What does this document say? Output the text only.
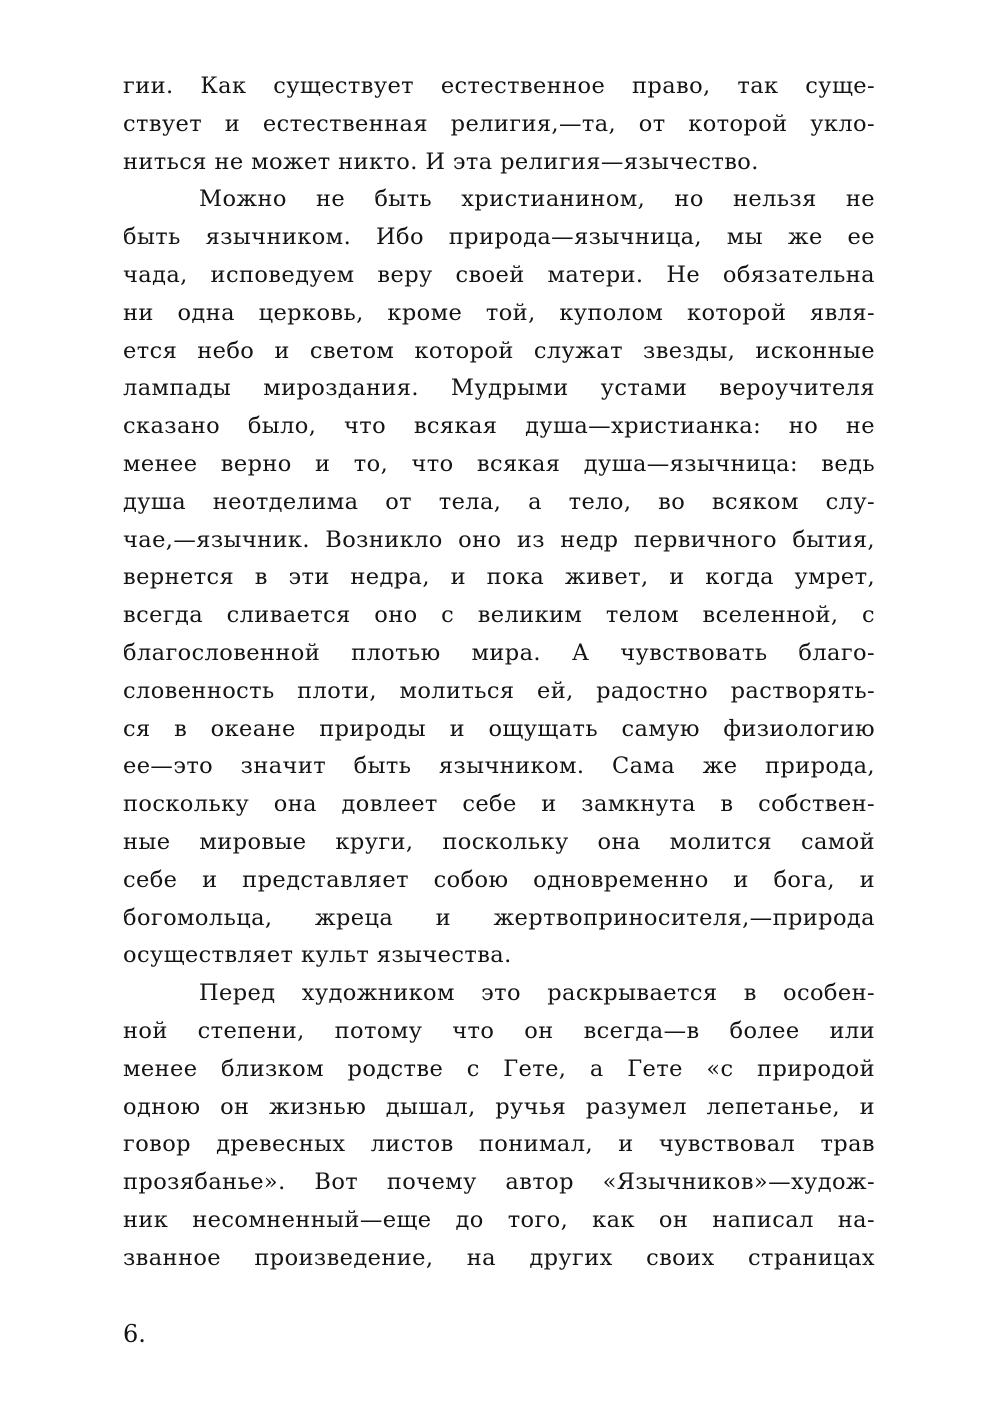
гии. Как существует естественное право, так суще-
ствует и естественная религия,—та, от которой укло-
ниться не может никто. И эта религия—язычество.
Можно не быть христианином, но нельзя не
быть язычником. Ибо природа—язычница, мы же ее
чада, исповедуем веру своей матери. Не обязательна
ни одна церковь, кроме той, куполом которой явля-
ется небо и светом которой служат звезды, исконные
лампады мироздания. Мудрыми устами вероучителя
сказано было, что всякая душа—христианка: но не
менее верно и то, что всякая душа—язычница: ведь
душа неотделима от тела, а тело, во всяком слу-
чае,—язычник. Возникло оно из недр первичного бытия,
вернется в эти недра, и пока живет, и когда умрет,
всегда сливается оно с великим телом вселенной, с
благословенной плотью мира. А чувствовать благо-
словенность плоти, молиться ей, радостно растворять-
ся в океане природы и ощущать самую физиологию
ее—это значит быть язычником. Сама же природа,
поскольку она довлеет себе и замкнута в собствен-
ные мировые круги, поскольку она молится самой
себе и представляет собою одновременно и бога, и
богомольца, жреца и жертвоприносителя,—природа
осуществляет культ язычества.
Перед художником это раскрывается в особен-
ной степени, потому что он всегда—в более или
менее близком родстве с Гете, а Гете «с природой
одною он жизнью дышал, ручья разумел лепетанье, и
говор древесных листов понимал, и чувствовал трав
прозябанье». Вот почему автор «Язычников»—худож-
ник несомненный—еще до того, как он написал на-
званное произведение, на других своих страницах
6.
